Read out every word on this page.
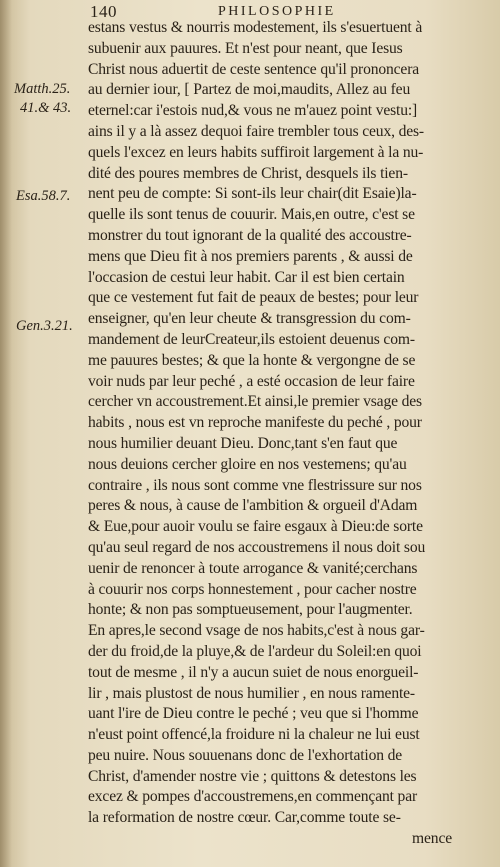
140	PHILOSOPHIE
Matth.25.
41.& 43.
Esa.58.7.
Gen.3.21.
estans vestus & nourris modestement, ils s'esuertuent à
subuenir aux pauures. Et n'est pour neant, que Iesus
Christ nous aduertit de ceste sentence qu'il prononcera
au dernier iour, [ Partez de moi,maudits, Allez au feu
eternel:car i'estois nud,& vous ne m'auez point vestu:]
ains il y a là assez dequoi faire trembler tous ceux, des-
quels l'excez en leurs habits suffiroit largement à la nu-
dité des poures membres de Christ, desquels ils tien-
nent peu de compte: Si sont-ils leur chair(dit Esaie)la-
quelle ils sont tenus de couurir. Mais,en outre, c'est se
monstrer du tout ignorant de la qualité des accoustre-
mens que Dieu fit à nos premiers parents , & aussi de
l'occasion de cestui leur habit. Car il est bien certain
que ce vestement fut fait de peaux de bestes; pour leur
enseigner, qu'en leur cheute & transgression du com-
mandement de leurCreateur,ils estoient deuenus com-
me pauures bestes; & que la honte & vergongne de se
voir nuds par leur peché , a esté occasion de leur faire
cercher vn accoustrement.Et ainsi,le premier vsage des
habits , nous est vn reproche manifeste du peché , pour
nous humilier deuant Dieu. Donc,tant s'en faut que
nous deuions cercher gloire en nos vestemens; qu'au
contraire , ils nous sont comme vne flestrissure sur nos
peres & nous, à cause de l'ambition & orgueil d'Adam
& Eue,pour auoir voulu se faire esgaux à Dieu:de sorte
qu'au seul regard de nos accoustremens il nous doit sou
uenir de renoncer à toute arrogance & vanité;cerchans
à couurir nos corps honnestement , pour cacher nostre
honte; & non pas somptueusement, pour l'augmenter.
En apres,le second vsage de nos habits,c'est à nous gar-
der du froid,de la pluye,& de l'ardeur du Soleil:en quoi
tout de mesme , il n'y a aucun suiet de nous enorgueil-
lir , mais plustost de nous humilier , en nous ramente-
uant l'ire de Dieu contre le peché ; veu que si l'homme
n'eust point offencé,la froidure ni la chaleur ne lui eust
peu nuire. Nous souuenans donc de l'exhortation de
Christ, d'amender nostre vie ; quittons & detestons les
excez & pompes d'accoustremens,en commençant par
la reformation de nostre cœur. Car,comme toute se-
mence
